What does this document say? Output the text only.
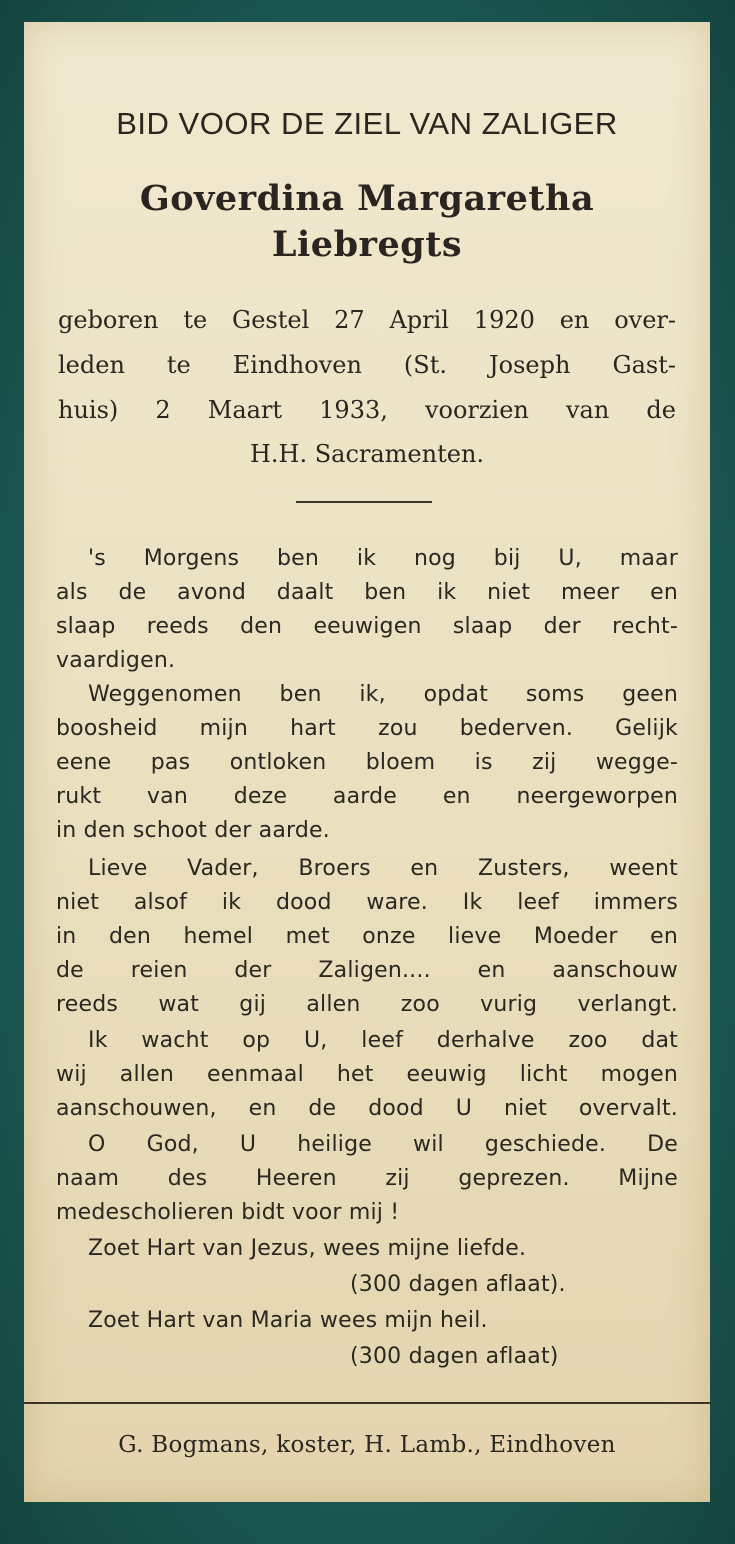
BID VOOR DE ZIEL VAN ZALIGER
Goverdina Margaretha
Liebregts
geboren te Gestel 27 April 1920 en over-
leden te Eindhoven (St. Joseph Gast-
huis) 2 Maart 1933, voorzien van de
H.H. Sacramenten.
's Morgens ben ik nog bij U, maar
als de avond daalt ben ik niet meer en
slaap reeds den eeuwigen slaap der recht-
vaardigen.
Weggenomen ben ik, opdat soms geen
boosheid mijn hart zou bederven. Gelijk
eene pas ontloken bloem is zij wegge-
rukt van deze aarde en neergeworpen
in den schoot der aarde.
Lieve Vader, Broers en Zusters, weent
niet alsof ik dood ware. Ik leef immers
in den hemel met onze lieve Moeder en
de reien der Zaligen.... en aanschouw
reeds wat gij allen zoo vurig verlangt.
Ik wacht op U, leef derhalve zoo dat
wij allen eenmaal het eeuwig licht mogen
aanschouwen, en de dood U niet overvalt.
O God, U heilige wil geschiede. De
naam des Heeren zij geprezen. Mijne
medescholieren bidt voor mij !
Zoet Hart van Jezus, wees mijne liefde.
(300 dagen aflaat).
Zoet Hart van Maria wees mijn heil.
(300 dagen aflaat)
G. Bogmans, koster, H. Lamb., Eindhoven
